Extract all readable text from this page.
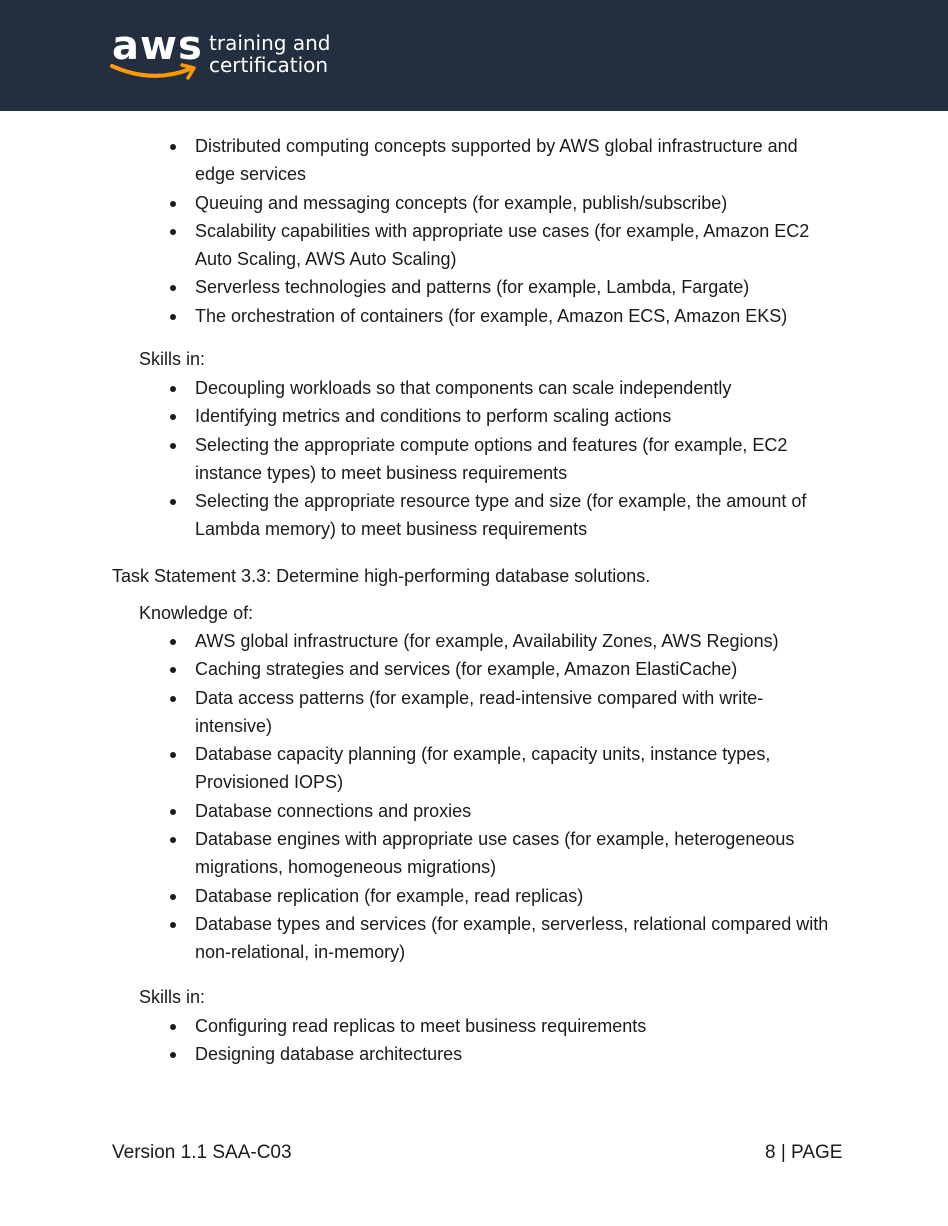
aws training and
certification
Distributed computing concepts supported by AWS global infrastructure and edge services
Queuing and messaging concepts (for example, publish/subscribe)
Scalability capabilities with appropriate use cases (for example, Amazon EC2 Auto Scaling, AWS Auto Scaling)
Serverless technologies and patterns (for example, Lambda, Fargate)
The orchestration of containers (for example, Amazon ECS, Amazon EKS)
Skills in:
Decoupling workloads so that components can scale independently
Identifying metrics and conditions to perform scaling actions
Selecting the appropriate compute options and features (for example, EC2 instance types) to meet business requirements
Selecting the appropriate resource type and size (for example, the amount of Lambda memory) to meet business requirements
Task Statement 3.3: Determine high-performing database solutions.
Knowledge of:
AWS global infrastructure (for example, Availability Zones, AWS Regions)
Caching strategies and services (for example, Amazon ElastiCache)
Data access patterns (for example, read-intensive compared with write-intensive)
Database capacity planning (for example, capacity units, instance types, Provisioned IOPS)
Database connections and proxies
Database engines with appropriate use cases (for example, heterogeneous migrations, homogeneous migrations)
Database replication (for example, read replicas)
Database types and services (for example, serverless, relational compared with non-relational, in-memory)
Skills in:
Configuring read replicas to meet business requirements
Designing database architectures
Version 1.1 SAA-C03	8 | PAGE
